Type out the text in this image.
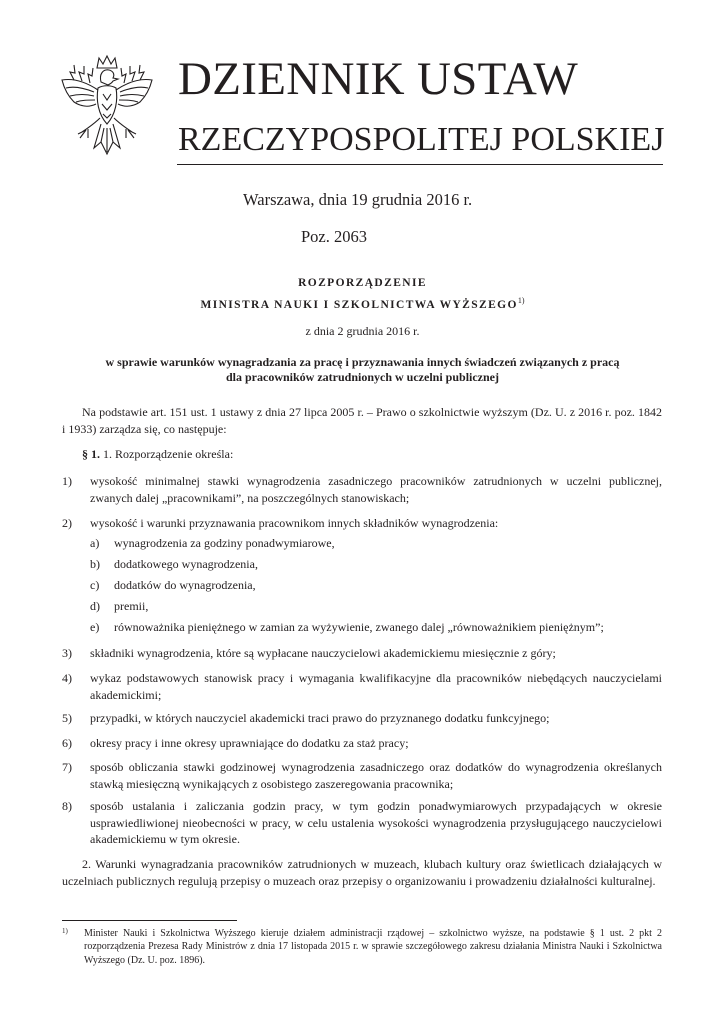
DZIENNIK USTAW
RZECZYPOSPOLITEJ POLSKIEJ
Warszawa, dnia 19 grudnia 2016 r.
Poz. 2063
ROZPORZĄDZENIE
MINISTRA NAUKI I SZKOLNICTWA WYŻSZEGO$^{1)}$
z dnia 2 grudnia 2016 r.
w sprawie warunków wynagradzania za pracę i przyznawania innych świadczeń związanych z pracą
dla pracowników zatrudnionych w uczelni publicznej
Na podstawie art. 151 ust. 1 ustawy z dnia 27 lipca 2005 r. – Prawo o szkolnictwie wyższym (Dz. U. z 2016 r. poz. 1842 i 1933) zarządza się, co następuje:
§ 1. 1. Rozporządzenie określa:
1) wysokość minimalnej stawki wynagrodzenia zasadniczego pracowników zatrudnionych w uczelni publicznej, zwanych dalej „pracownikami”, na poszczególnych stanowiskach;
2) wysokość i warunki przyznawania pracownikom innych składników wynagrodzenia:
a) wynagrodzenia za godziny ponadwymiarowe,
b) dodatkowego wynagrodzenia,
c) dodatków do wynagrodzenia,
d) premii,
e) równoważnika pieniężnego w zamian za wyżywienie, zwanego dalej „równoważnikiem pieniężnym”;
3) składniki wynagrodzenia, które są wypłacane nauczycielowi akademickiemu miesięcznie z góry;
4) wykaz podstawowych stanowisk pracy i wymagania kwalifikacyjne dla pracowników niebędących nauczycielami akademickimi;
5) przypadki, w których nauczyciel akademicki traci prawo do przyznanego dodatku funkcyjnego;
6) okresy pracy i inne okresy uprawniające do dodatku za staż pracy;
7) sposób obliczania stawki godzinowej wynagrodzenia zasadniczego oraz dodatków do wynagrodzenia określanych stawką miesięczną wynikających z osobistego zaszeregowania pracownika;
8) sposób ustalania i zaliczania godzin pracy, w tym godzin ponadwymiarowych przypadających w okresie usprawiedliwionej nieobecności w pracy, w celu ustalenia wysokości wynagrodzenia przysługującego nauczycielowi akademickiemu w tym okresie.
2. Warunki wynagradzania pracowników zatrudnionych w muzeach, klubach kultury oraz świetlicach działających w uczelniach publicznych regulują przepisy o muzeach oraz przepisy o organizowaniu i prowadzeniu działalności kulturalnej.
1) Minister Nauki i Szkolnictwa Wyższego kieruje działem administracji rządowej – szkolnictwo wyższe, na podstawie § 1 ust. 2 pkt 2 rozporządzenia Prezesa Rady Ministrów z dnia 17 listopada 2015 r. w sprawie szczegółowego zakresu działania Ministra Nauki i Szkolnictwa Wyższego (Dz. U. poz. 1896).
